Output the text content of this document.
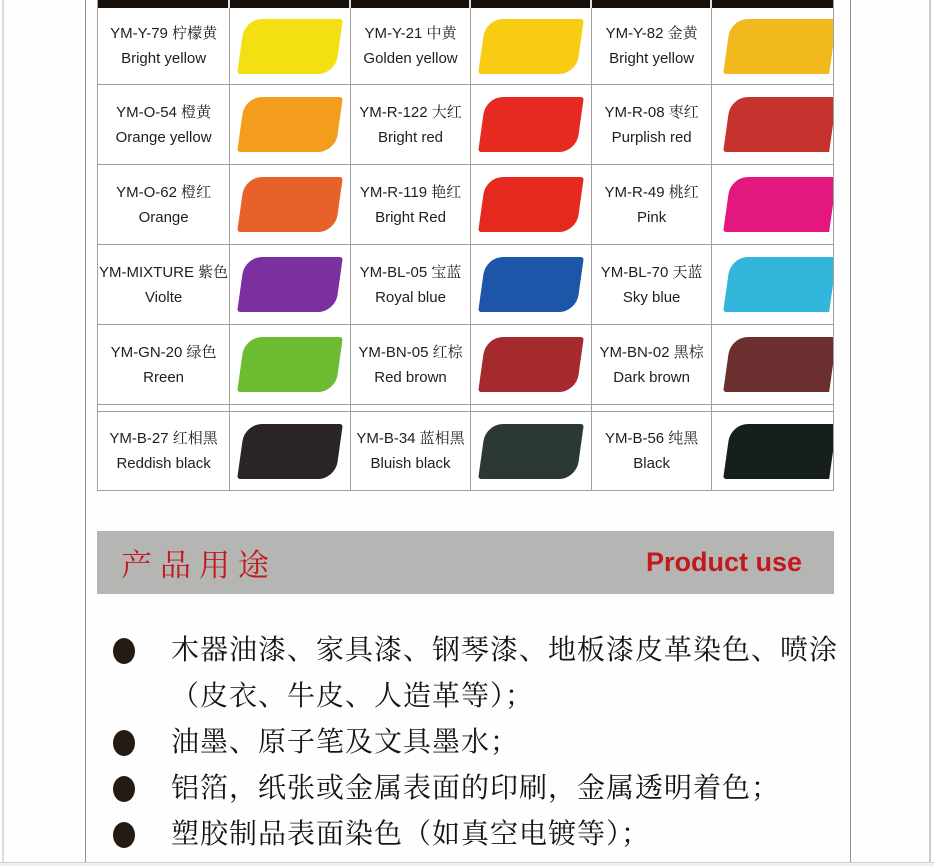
YM-Y-79 柠檬黄
Bright yellow
YM-Y-21 中黄
Golden yellow
YM-Y-82 金黄
Bright yellow
YM-O-54 橙黄
Orange yellow
YM-R-122 大红
Bright red
YM-R-08 枣红
Purplish red
YM-O-62 橙红
Orange
YM-R-119 艳红
Bright Red
YM-R-49 桃红
Pink
YM-MIXTURE 紫色
Violte
YM-BL-05 宝蓝
Royal blue
YM-BL-70 天蓝
Sky blue
YM-GN-20 绿色
Rreen
YM-BN-05 红棕
Red brown
YM-BN-02 黑棕
Dark brown
YM-B-27 红相黑
Reddish black
YM-B-34 蓝相黑
Bluish black
YM-B-56 纯黑
Black
产品用途	Product use
木器油漆、家具漆、钢琴漆、地板漆皮革染色、喷涂
（皮衣、牛皮、人造革等）；
油墨、原子笔及文具墨水；
铝箔，纸张或金属表面的印刷，金属透明着色；
塑胶制品表面染色（如真空电镀等）；
